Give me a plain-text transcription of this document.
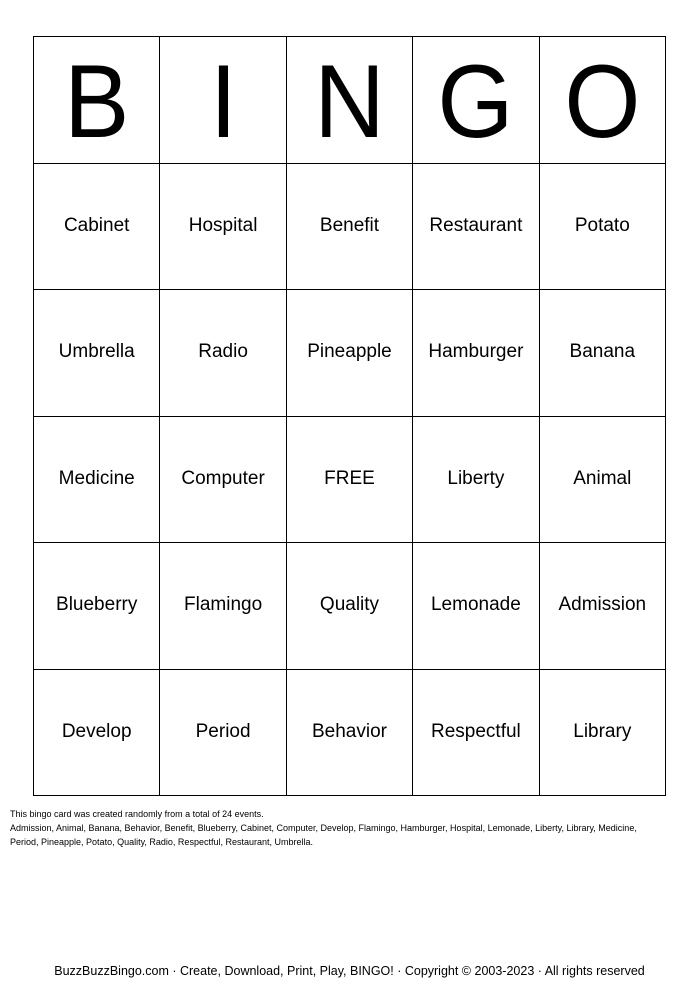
B I N G O
Cabinet	Hospital	Benefit	Restaurant	Potato
Umbrella	Radio	Pineapple	Hamburger	Banana
Medicine	Computer	FREE	Liberty	Animal
Blueberry	Flamingo	Quality	Lemonade	Admission
Develop	Period	Behavior	Respectful	Library
This bingo card was created randomly from a total of 24 events.
Admission, Animal, Banana, Behavior, Benefit, Blueberry, Cabinet, Computer, Develop, Flamingo, Hamburger, Hospital, Lemonade, Liberty, Library, Medicine,
Period, Pineapple, Potato, Quality, Radio, Respectful, Restaurant, Umbrella.
BuzzBuzzBingo.com · Create, Download, Print, Play, BINGO! · Copyright © 2003-2023 · All rights reserved
